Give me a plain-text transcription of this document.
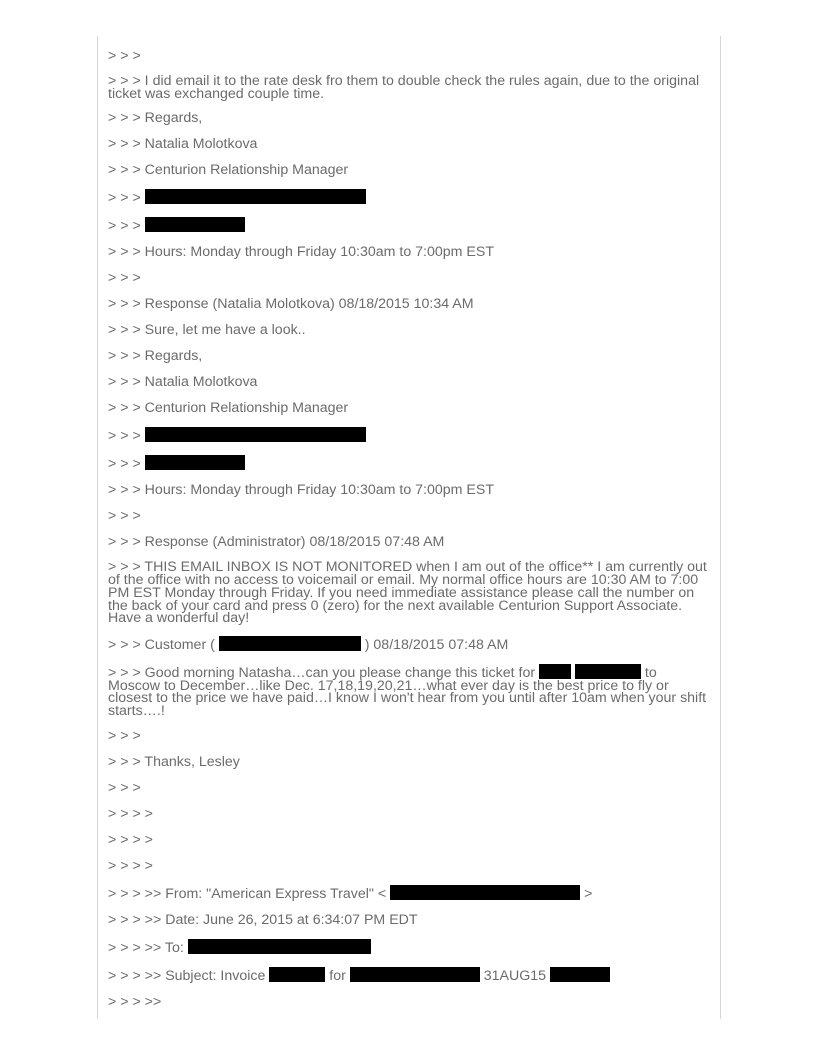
> > >

> > > I did email it to the rate desk fro them to double check the rules again, due to the original ticket was exchanged couple time.

> > > Regards,

> > > Natalia Molotkova

> > > Centurion Relationship Manager

> > >

> > >

> > > Hours: Monday through Friday 10:30am to 7:00pm EST

> > >

> > > Response (Natalia Molotkova) 08/18/2015 10:34 AM

> > > Sure, let me have a look..

> > > Regards,

> > > Natalia Molotkova

> > > Centurion Relationship Manager

> > >

> > >

> > > Hours: Monday through Friday 10:30am to 7:00pm EST

> > >

> > > Response (Administrator) 08/18/2015 07:48 AM

> > > THIS EMAIL INBOX IS NOT MONITORED when I am out of the office** I am currently out of the office with no access to voicemail or email. My normal office hours are 10:30 AM to 7:00 PM EST Monday through Friday. If you need immediate assistance please call the number on the back of your card and press 0 (zero) for the next available Centurion Support Associate. Have a wonderful day!

> > > Customer (	) 08/18/2015 07:48 AM

> > > Good morning Natasha…can you please change this ticket for	to Moscow to December…like Dec. 17,18,19,20,21…what ever day is the best price to fly or closest to the price we have paid…I know I won't hear from you until after 10am when your shift starts….!

> > >

> > > Thanks, Lesley

> > >

> > > >

> > > >

> > > >

> > > >> From: "American Express Travel" <	>

> > > >> Date: June 26, 2015 at 6:34:07 PM EDT

> > > >> To:

> > > >> Subject: Invoice	for	31AUG15

> > > >>
